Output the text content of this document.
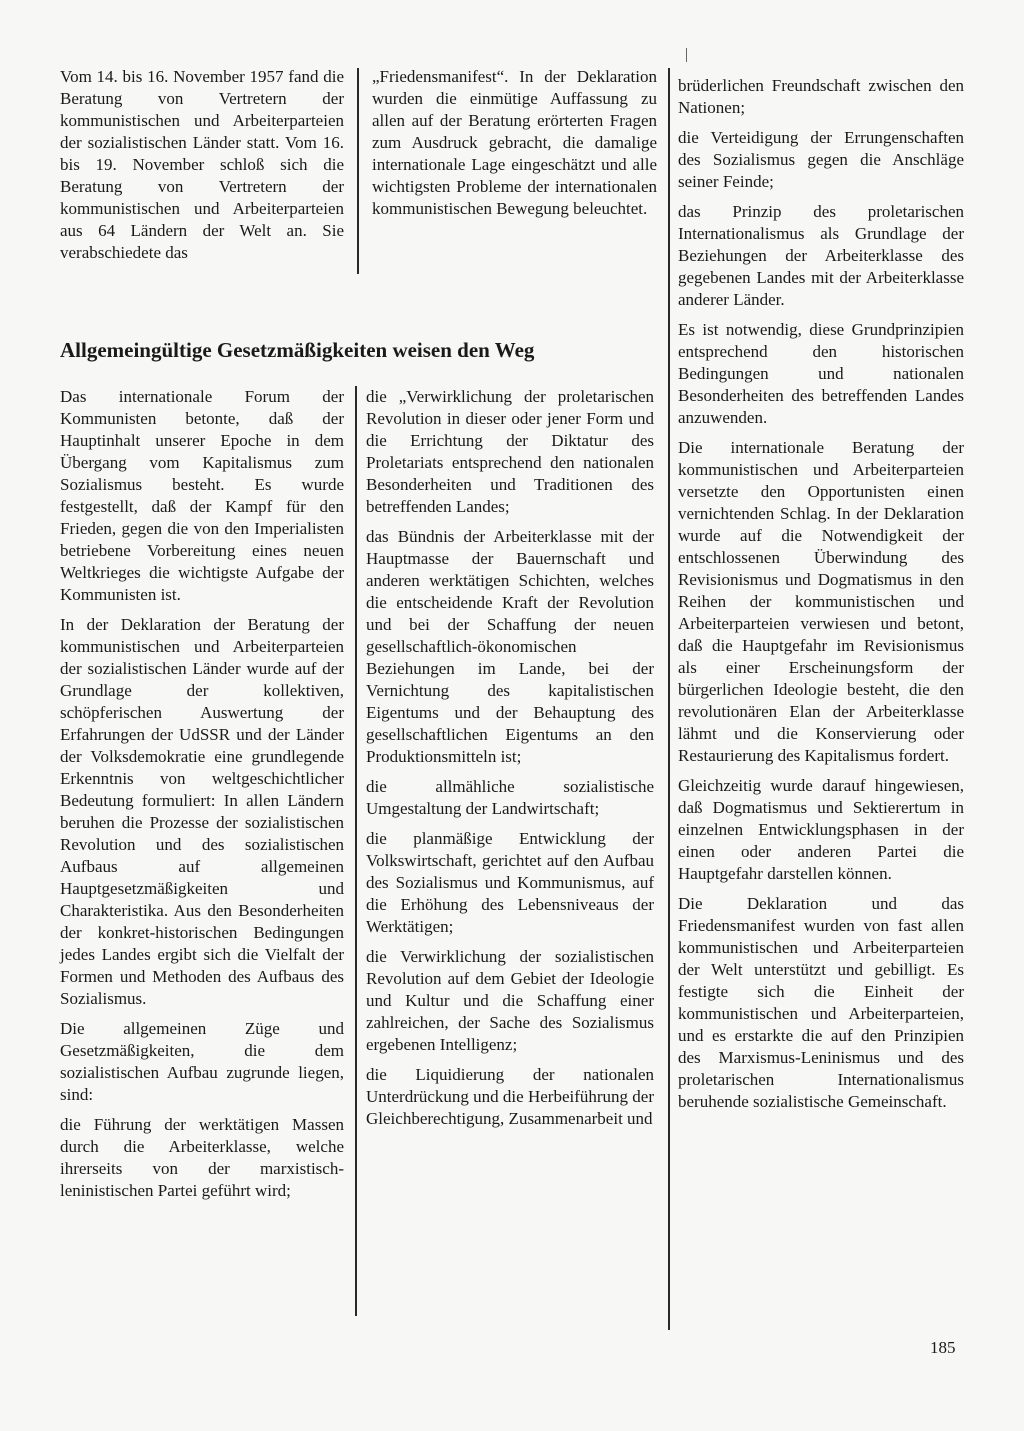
Vom 14. bis 16. November 1957 fand die Beratung von Vertretern der kommunistischen und Arbeiterparteien der sozialistischen Länder statt. Vom 16. bis 19. November schloß sich die Beratung von Vertretern der kommunistischen und Arbeiterparteien aus 64 Ländern der Welt an. Sie verabschiedete das

„Friedensmanifest“. In der Deklaration wurden die einmütige Auffassung zu allen auf der Beratung erörterten Fragen zum Ausdruck gebracht, die damalige internationale Lage eingeschätzt und alle wichtigsten Probleme der internationalen kommunistischen Bewegung beleuchtet.

Allgemeingültige Gesetzmäßigkeiten weisen den Weg

Das internationale Forum der Kommunisten betonte, daß der Hauptinhalt unserer Epoche in dem Übergang vom Kapitalismus zum Sozialismus besteht. Es wurde festgestellt, daß der Kampf für den Frieden, gegen die von den Imperialisten betriebene Vorbereitung eines neuen Weltkrieges die wichtigste Aufgabe der Kommunisten ist.

In der Deklaration der Beratung der kommunistischen und Arbeiterparteien der sozialistischen Länder wurde auf der Grundlage der kollektiven, schöpferischen Auswertung der Erfahrungen der UdSSR und der Länder der Volksdemokratie eine grundlegende Erkenntnis von weltgeschichtlicher Bedeutung formuliert: In allen Ländern beruhen die Prozesse der sozialistischen Revolution und des sozialistischen Aufbaus auf allgemeinen Hauptgesetzmäßigkeiten und Charakteristika. Aus den Besonderheiten der konkret-historischen Bedingungen jedes Landes ergibt sich die Vielfalt der Formen und Methoden des Aufbaus des Sozialismus.

Die allgemeinen Züge und Gesetzmäßigkeiten, die dem sozialistischen Aufbau zugrunde liegen, sind:

die Führung der werktätigen Massen durch die Arbeiterklasse, welche ihrerseits von der marxistisch-leninistischen Partei geführt wird;

die „Verwirklichung der proletarischen Revolution in dieser oder jener Form und die Errichtung der Diktatur des Proletariats entsprechend den nationalen Besonderheiten und Traditionen des betreffenden Landes;

das Bündnis der Arbeiterklasse mit der Hauptmasse der Bauernschaft und anderen werktätigen Schichten, welches die entscheidende Kraft der Revolution und bei der Schaffung der neuen gesellschaftlich-ökonomischen Beziehungen im Lande, bei der Vernichtung des kapitalistischen Eigentums und der Behauptung des gesellschaftlichen Eigentums an den Produktionsmitteln ist;

die allmähliche sozialistische Umgestaltung der Landwirtschaft;

die planmäßige Entwicklung der Volkswirtschaft, gerichtet auf den Aufbau des Sozialismus und Kommunismus, auf die Erhöhung des Lebensniveaus der Werktätigen;

die Verwirklichung der sozialistischen Revolution auf dem Gebiet der Ideologie und Kultur und die Schaffung einer zahlreichen, der Sache des Sozialismus ergebenen Intelligenz;

die Liquidierung der nationalen Unterdrückung und die Herbeiführung der Gleichberechtigung, Zusammenarbeit und

brüderlichen Freundschaft zwischen den Nationen;

die Verteidigung der Errungenschaften des Sozialismus gegen die Anschläge seiner Feinde;

das Prinzip des proletarischen Internationalismus als Grundlage der Beziehungen der Arbeiterklasse des gegebenen Landes mit der Arbeiterklasse anderer Länder.

Es ist notwendig, diese Grundprinzipien entsprechend den historischen Bedingungen und nationalen Besonderheiten des betreffenden Landes anzuwenden.

Die internationale Beratung der kommunistischen und Arbeiterparteien versetzte den Opportunisten einen vernichtenden Schlag. In der Deklaration wurde auf die Notwendigkeit der entschlossenen Überwindung des Revisionismus und Dogmatismus in den Reihen der kommunistischen und Arbeiterparteien verwiesen und betont, daß die Hauptgefahr im Revisionismus als einer Erscheinungsform der bürgerlichen Ideologie besteht, die den revolutionären Elan der Arbeiterklasse lähmt und die Konservierung oder Restaurierung des Kapitalismus fordert.

Gleichzeitig wurde darauf hingewiesen, daß Dogmatismus und Sektierertum in einzelnen Entwicklungsphasen in der einen oder anderen Partei die Hauptgefahr darstellen können.

Die Deklaration und das Friedensmanifest wurden von fast allen kommunistischen und Arbeiterparteien der Welt unterstützt und gebilligt. Es festigte sich die Einheit der kommunistischen und Arbeiterparteien, und es erstarkte die auf den Prinzipien des Marxismus-Leninismus und des proletarischen Internationalismus beruhende sozialistische Gemeinschaft.

185
